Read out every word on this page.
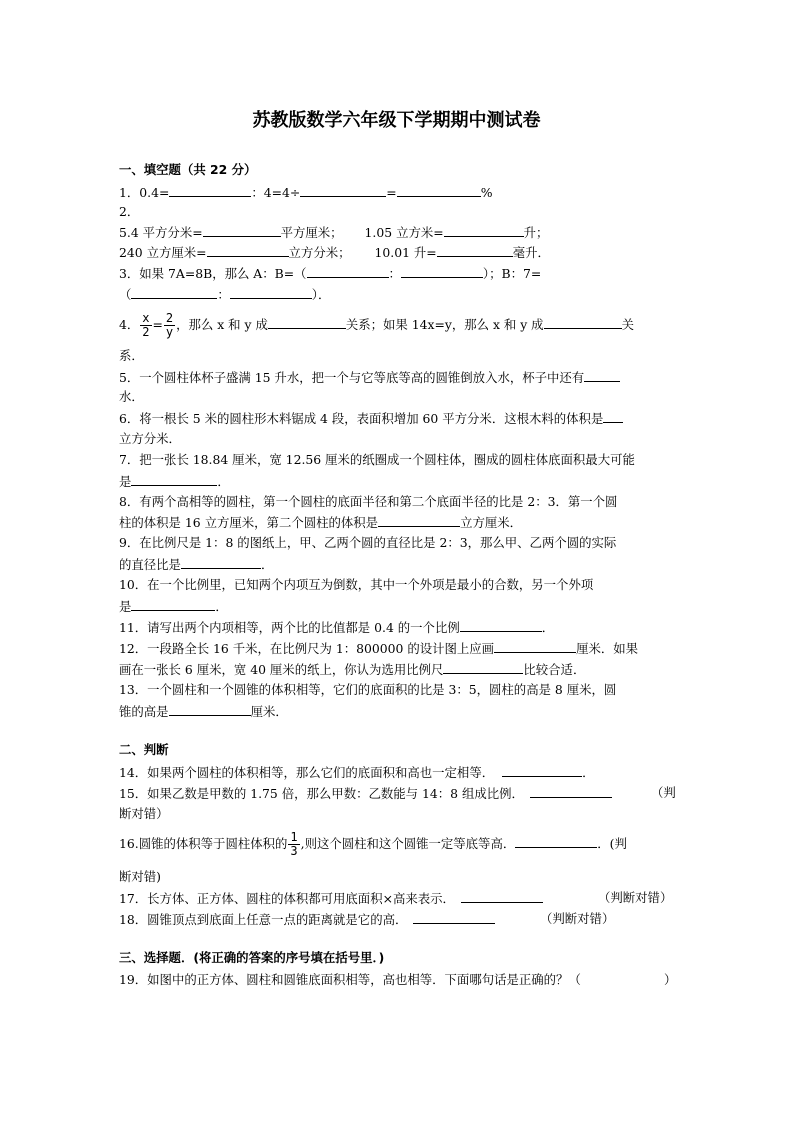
苏教版数学六年级下学期期中测试卷
一、填空题（共 22 分）
1．0.4=	：4=4÷	=	%
2．
5.4 平方分米=	平方厘米； 1.05 立方米=	升；
240 立方厘米=	立方分米； 10.01 升=	毫升．
3．如果 7A=8B，那么 A：B=（	：	）；B：7=
（	：	）．
4． $\frac{x}{2} = \frac{2}{y}$ ，那么 x 和 y 成	关系；如果 14x=y，那么 x 和 y 成	关
系．
5．一个圆柱体杯子盛满 15 升水，把一个与它等底等高的圆锥倒放入水，杯子中还有
水．
6．将一根长 5 米的圆柱形木料锯成 4 段，表面积增加 60 平方分米．这根木料的体积是
立方分米．
7．把一张长 18.84 厘米，宽 12.56 厘米的纸圈成一个圆柱体，圈成的圆柱体底面积最大可能
是	．
8．有两个高相等的圆柱，第一个圆柱的底面半径和第二个底面半径的比是 2：3．第一个圆
柱的体积是 16 立方厘米，第二个圆柱的体积是	立方厘米．
9．在比例尺是 1：8 的图纸上，甲、乙两个圆的直径比是 2：3，那么甲、乙两个圆的实际
的直径比是	．
10．在一个比例里，已知两个内项互为倒数，其中一个外项是最小的合数，另一个外项
是	．
11．请写出两个内项相等，两个比的比值都是 0.4 的一个比例	．
12．一段路全长 16 千米，在比例尺为 1：800000 的设计图上应画	厘米．如果
画在一张长 6 厘米，宽 40 厘米的纸上，你认为选用比例尺	比较合适．
13．一个圆柱和一个圆锥的体积相等，它们的底面积的比是 3：5，圆柱的高是 8 厘米，圆
锥的高是	厘米．
二、判断
14．如果两个圆柱的体积相等，那么它们的底面积和高也一定相等．	．
15．如果乙数是甲数的 1.75 倍，那么甲数：乙数能与 14：8 组成比例．	（判
断对错）
16.圆锥的体积等于圆柱体积的 $\frac{1}{3}$ ,则这个圆柱和这个圆锥一定等底等高．	．(判
断对错)
17．长方体、正方体、圆柱的体积都可用底面积×高来表示．	（判断对错）
18．圆锥顶点到底面上任意一点的距离就是它的高．	（判断对错）
三、选择题．(将正确的答案的序号填在括号里．)
19．如图中的正方体、圆柱和圆锥底面积相等，高也相等．下面哪句话是正确的？（	）
